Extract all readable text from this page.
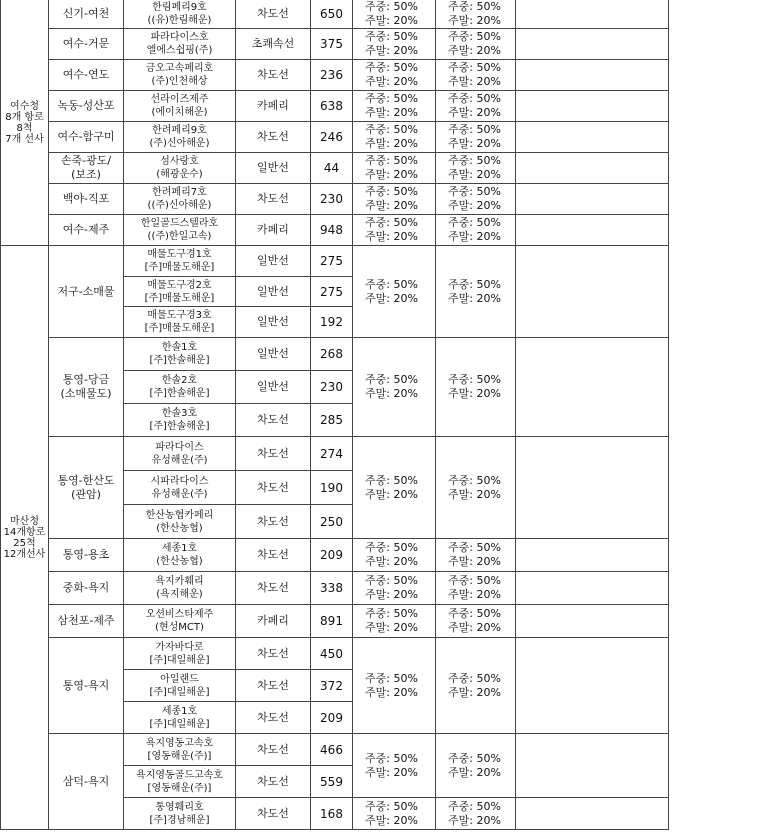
여수청
8개 항로
8척
7개 선사	신기-여천	한림페리9호
((유)한림해운)	차도선	650	주중: 50%
주말: 20%	주중: 50%
주말: 20%	

	여수-거문	파라다이스호
엘에스쉽핑(주)	초쾌속선	375	주중: 50%
주말: 20%	주중: 50%
주말: 20%	

	여수-연도	금오고속페리호
(주)인천해상	차도선	236	주중: 50%
주말: 20%	주중: 50%
주말: 20%	

	녹동-성산포	선라이즈제주
(에이치해운)	카페리	638	주중: 50%
주말: 20%	주중: 50%
주말: 20%	

	여수-함구미	한려페리9호
(주)신아해운)	차도선	246	주중: 50%
주말: 20%	주중: 50%
주말: 20%	

	손죽-광도/
(보조)	섬사랑호
(해광운수)	일반선	44	주중: 50%
주말: 20%	주중: 50%
주말: 20%	

	백야-직포	한려페리7호
((주)신아해운)	차도선	230	주중: 50%
주말: 20%	주중: 50%
주말: 20%	

	여수-제주	한일골드스텔라호
((주)한일고속)	카페리	948	주중: 50%
주말: 20%	주중: 50%
주말: 20%	

마산청
14개항로
25척
12개선사	저구-소매물	매물도구경1호
[주]매물도해운]	일반선	275	주중: 50%
주말: 20%	주중: 50%
주말: 20%	

		매물도구경2호
[주]매물도해운]	일반선	275			

		매물도구경3호
[주]매물도해운]	일반선	192			

	통영-당금
(소매물도)	한솔1호
[주]한솔해운]	일반선	268	주중: 50%
주말: 20%	주중: 50%
주말: 20%	

		한솔2호
[주]한솔해운]	일반선	230			

		한솔3호
[주]한솔해운]	차도선	285			

	통영-한산도
(관암)	파라다이스
유성해운(주)	차도선	274	주중: 50%
주말: 20%	주중: 50%
주말: 20%	

		시파라다이스
유성해운(주)	차도선	190			

		한산농협카페리
(한산농협)	차도선	250			

	통영-용초	세종1호
(한산농협)	차도선	209	주중: 50%
주말: 20%	주중: 50%
주말: 20%	

	중화-욕지	욕지카훼리
(욕지해운)	차도선	338	주중: 50%
주말: 20%	주중: 50%
주말: 20%	

	삼천포-제주	오션비스타제주
(현성MCT)	카페리	891	주중: 50%
주말: 20%	주중: 50%
주말: 20%	

	통영-욕지	가자바다로
[주]대일해운]	차도선	450	주중: 50%
주말: 20%	주중: 50%
주말: 20%	

		아일랜드
[주]대일해운]	차도선	372			

		세종1호
[주]대일해운]	차도선	209			

	삼덕-욕지	욕지영동고속호
[영동해운(주)]	차도선	466	주중: 50%
주말: 20%	주중: 50%
주말: 20%	

		욕지영동골드고속호
[영동해운(주)]	차도선	559			

		통영훼리호
[주]경남해운]	차도선	168	주중: 50%
주말: 20%	주중: 50%
주말: 20%	
